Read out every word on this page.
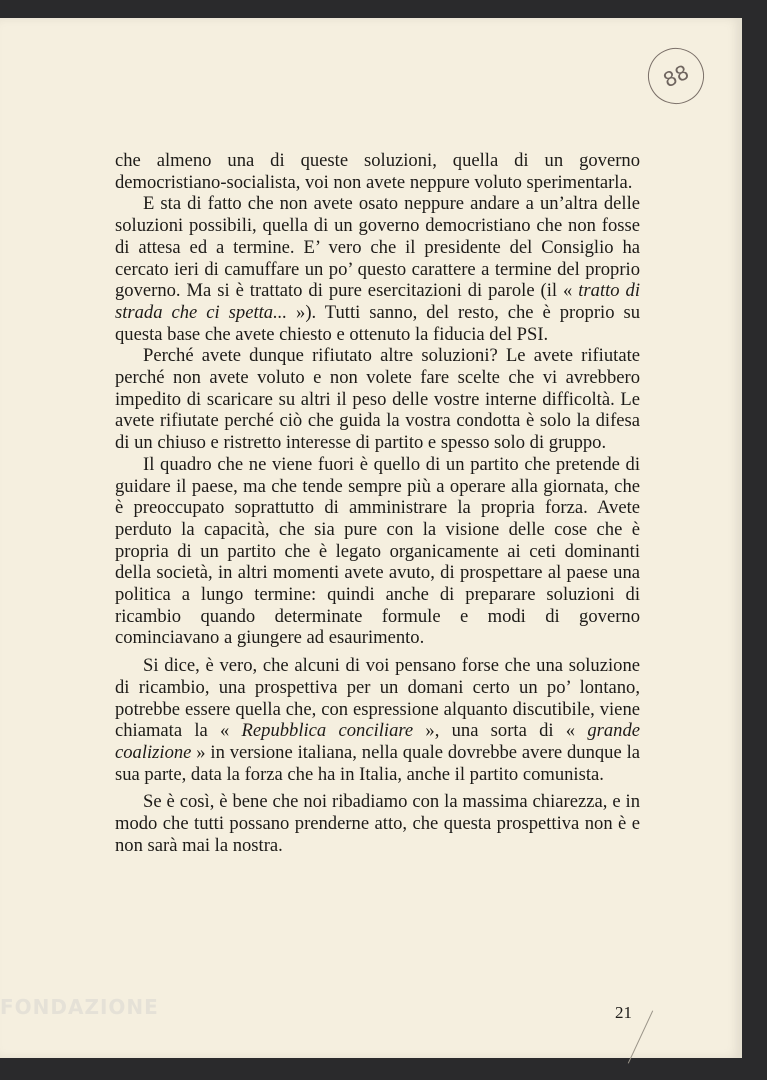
88

che almeno una di queste soluzioni, quella di un governo democristiano-socialista, voi non avete neppure voluto sperimentarla.

E sta di fatto che non avete osato neppure andare a un’altra delle soluzioni possibili, quella di un governo democristiano che non fosse di attesa ed a termine. E’ vero che il presidente del Consiglio ha cercato ieri di camuffare un po’ questo carattere a termine del proprio governo. Ma si è trattato di pure esercitazioni di parole (il « tratto di strada che ci spetta... »). Tutti sanno, del resto, che è proprio su questa base che avete chiesto e ottenuto la fiducia del PSI.

Perché avete dunque rifiutato altre soluzioni? Le avete rifiutate perché non avete voluto e non volete fare scelte che vi avrebbero impedito di scaricare su altri il peso delle vostre interne difficoltà. Le avete rifiutate perché ciò che guida la vostra condotta è solo la difesa di un chiuso e ristretto interesse di partito e spesso solo di gruppo.

Il quadro che ne viene fuori è quello di un partito che pretende di guidare il paese, ma che tende sempre più a operare alla giornata, che è preoccupato soprattutto di amministrare la propria forza. Avete perduto la capacità, che sia pure con la visione delle cose che è propria di un partito che è legato organicamente ai ceti dominanti della società, in altri momenti avete avuto, di prospettare al paese una politica a lungo termine: quindi anche di preparare soluzioni di ricambio quando determinate formule e modi di governo cominciavano a giungere ad esaurimento.

Si dice, è vero, che alcuni di voi pensano forse che una soluzione di ricambio, una prospettiva per un domani certo un po’ lontano, potrebbe essere quella che, con espressione alquanto discutibile, viene chiamata la « Repubblica conciliare », una sorta di « grande coalizione » in versione italiana, nella quale dovrebbe avere dunque la sua parte, data la forza che ha in Italia, anche il partito comunista.

Se è così, è bene che noi ribadiamo con la massima chiarezza, e in modo che tutti possano prenderne atto, che questa prospettiva non è e non sarà mai la nostra.

21
FONDAZIONE
